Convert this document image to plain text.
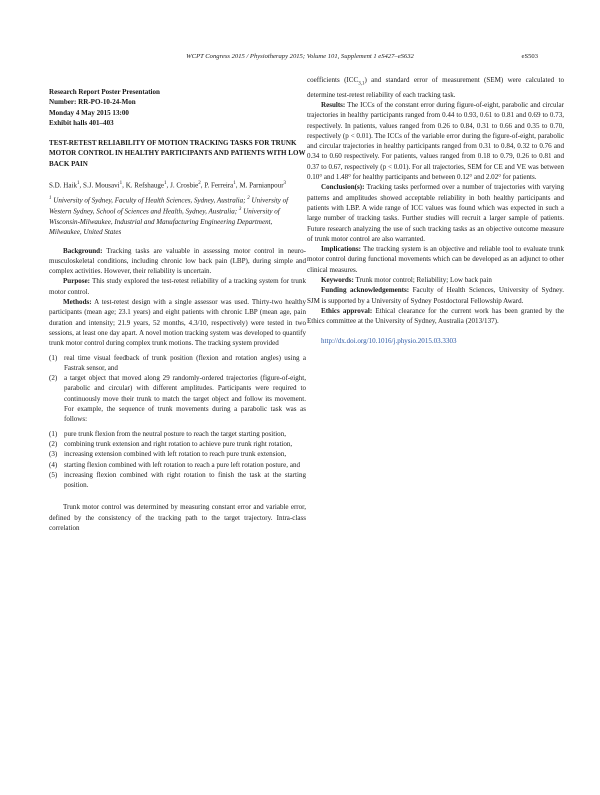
WCPT Congress 2015 / Physiotherapy 2015; Volume 101, Supplement 1 eS427–eS632	eS503
Research Report Poster Presentation
Number: RR-PO-10-24-Mon
Monday 4 May 2015 13:00
Exhibit halls 401–403
TEST-RETEST RELIABILITY OF MOTION TRACKING TASKS FOR TRUNK MOTOR CONTROL IN HEALTHY PARTICIPANTS AND PATIENTS WITH LOW BACK PAIN
S.D. Haik$^1$, S.J. Mousavi$^1$, K. Refshauge$^1$, J. Crosbie$^2$, P. Ferreira$^1$, M. Parnianpour$^3$
$^1$ University of Sydney, Faculty of Health Sciences, Sydney, Australia; $^2$ University of Western Sydney, School of Sciences and Health, Sydney, Australia; $^3$ University of Wisconsin-Milwaukee, Industrial and Manufacturing Engineering Department, Milwaukee, United States

Background: Tracking tasks are valuable in assessing motor control in neuro-musculoskeletal conditions, including chronic low back pain (LBP), during simple and complex activities. However, their reliability is uncertain.

Purpose: This study explored the test-retest reliability of a tracking system for trunk motor control.

Methods: A test-retest design with a single assessor was used. Thirty-two healthy participants (mean age; 23.1 years) and eight patients with chronic LBP (mean age, pain duration and intensity; 21.9 years, 52 months, 4.3/10, respectively) were tested in two sessions, at least one day apart. A novel motion tracking system was developed to quantify trunk motor control during complex trunk motions. The tracking system provided

(1) real time visual feedback of trunk position (flexion and rotation angles) using a Fastrak sensor, and
(2) a target object that moved along 29 randomly-ordered trajectories (figure-of-eight, parabolic and circular) with different amplitudes. Participants were required to continuously move their trunk to match the target object and follow its movement. For example, the sequence of trunk movements during a parabolic task was as follows:
(1) pure trunk flexion from the neutral posture to reach the target starting position,
(2) combining trunk extension and right rotation to achieve pure trunk right rotation,
(3) increasing extension combined with left rotation to reach pure trunk extension,
(4) starting flexion combined with left rotation to reach a pure left rotation posture, and
(5) increasing flexion combined with right rotation to finish the task at the starting position.

Trunk motor control was determined by measuring constant error and variable error, defined by the consistency of the tracking path to the target trajectory. Intra-class correlation

coefficients $(ICC_{3,1})$ and standard error of measurement (SEM) were calculated to determine test-retest reliability of each tracking task.

Results: The ICCs of the constant error during figure-of-eight, parabolic and circular trajectories in healthy participants ranged from 0.44 to 0.93, 0.61 to 0.81 and 0.69 to 0.73, respectively. In patients, values ranged from 0.26 to 0.84, 0.31 to 0.66 and 0.35 to 0.70, respectively (p < 0.01). The ICCs of the variable error during the figure-of-eight, parabolic and circular trajectories in healthy participants ranged from 0.31 to 0.84, 0.32 to 0.76 and 0.34 to 0.60 respectively. For patients, values ranged from 0.18 to 0.79, 0.26 to 0.81 and 0.37 to 0.67, respectively (p < 0.01). For all trajectories, SEM for CE and VE was between 0.10° and 1.48° for healthy participants and between 0.12° and 2.02° for patients.

Conclusion(s): Tracking tasks performed over a number of trajectories with varying patterns and amplitudes showed acceptable reliability in both healthy participants and patients with LBP. A wide range of ICC values was found which was expected in such a large number of tracking tasks. Further studies will recruit a larger sample of patients. Future research analyzing the use of such tracking tasks as an objective outcome measure of trunk motor control are also warranted.

Implications: The tracking system is an objective and reliable tool to evaluate trunk motor control during functional movements which can be developed as an adjunct to other clinical measures.

Keywords: Trunk motor control; Reliability; Low back pain

Funding acknowledgements: Faculty of Health Sciences, University of Sydney. SJM is supported by a University of Sydney Postdoctoral Fellowship Award.

Ethics approval: Ethical clearance for the current work has been granted by the Ethics committee at the University of Sydney, Australia (2013/137).

http://dx.doi.org/10.1016/j.physio.2015.03.3303
